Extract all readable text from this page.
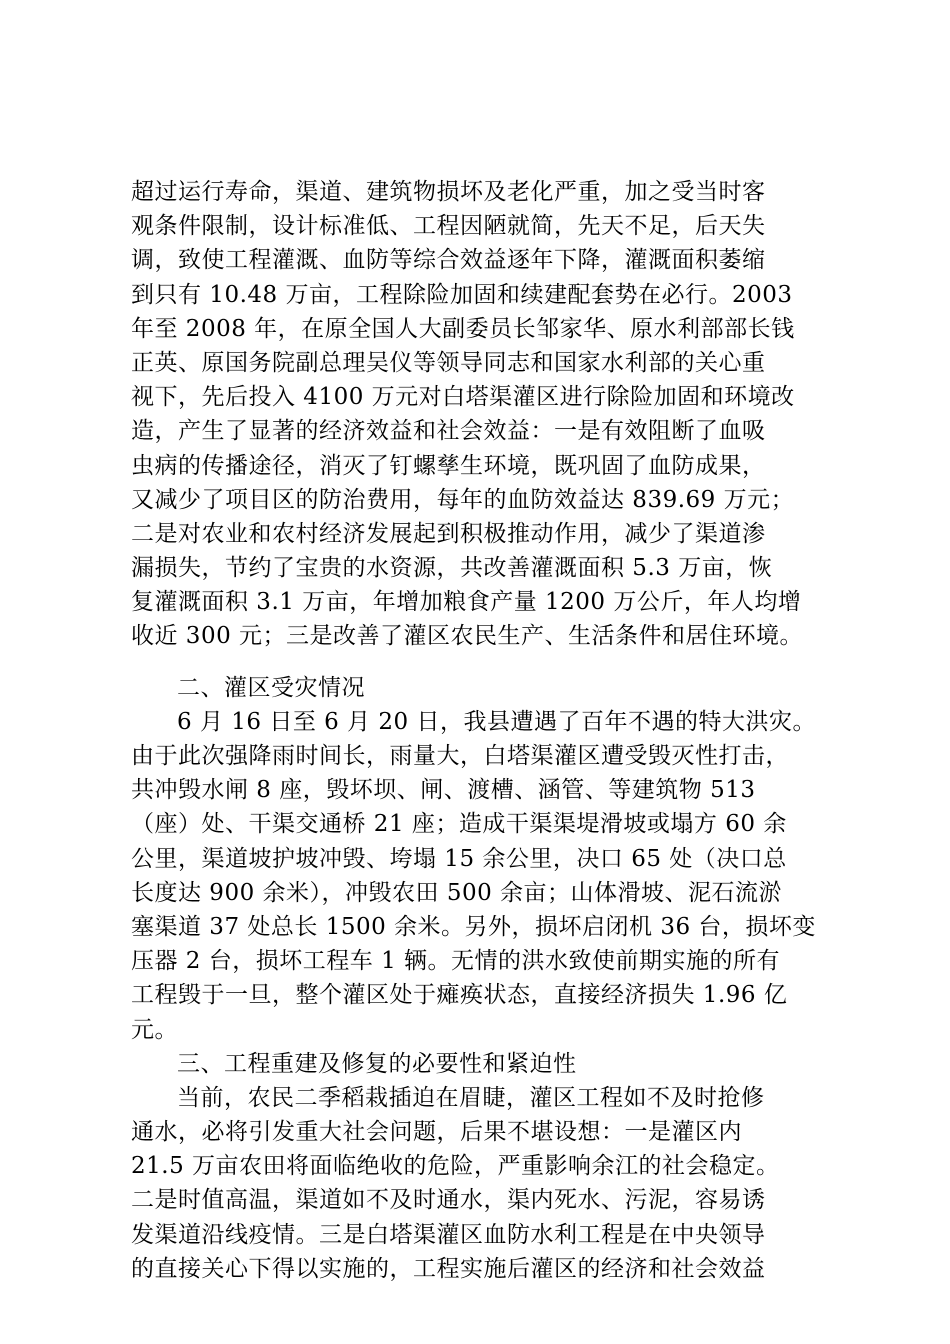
超过运行寿命，渠道、建筑物损坏及老化严重，加之受当时客
观条件限制，设计标准低、工程因陋就简，先天不足，后天失
调，致使工程灌溉、血防等综合效益逐年下降，灌溉面积萎缩
到只有 10.48 万亩，工程除险加固和续建配套势在必行。2003
年至 2008 年，在原全国人大副委员长邹家华、原水利部部长钱
正英、原国务院副总理吴仪等领导同志和国家水利部的关心重
视下，先后投入 4100 万元对白塔渠灌区进行除险加固和环境改
造，产生了显著的经济效益和社会效益：一是有效阻断了血吸
虫病的传播途径，消灭了钉螺孳生环境，既巩固了血防成果，
又减少了项目区的防治费用，每年的血防效益达 839.69 万元；
二是对农业和农村经济发展起到积极推动作用，减少了渠道渗
漏损失，节约了宝贵的水资源，共改善灌溉面积 5.3 万亩，恢
复灌溉面积 3.1 万亩，年增加粮食产量 1200 万公斤，年人均增
收近 300 元；三是改善了灌区农民生产、生活条件和居住环境。
二、灌区受灾情况
6 月 16 日至 6 月 20 日，我县遭遇了百年不遇的特大洪灾。
由于此次强降雨时间长，雨量大，白塔渠灌区遭受毁灭性打击，
共冲毁水闸 8 座，毁坏坝、闸、渡槽、涵管、等建筑物 513
（座）处、干渠交通桥 21 座；造成干渠渠堤滑坡或塌方 60 余
公里，渠道坡护坡冲毁、垮塌 15 余公里，决口 65 处（决口总
长度达 900 余米），冲毁农田 500 余亩；山体滑坡、泥石流淤
塞渠道 37 处总长 1500 余米。另外，损坏启闭机 36 台，损坏变
压器 2 台，损坏工程车 1 辆。无情的洪水致使前期实施的所有
工程毁于一旦，整个灌区处于瘫痪状态，直接经济损失 1.96 亿
元。
三、工程重建及修复的必要性和紧迫性
当前，农民二季稻栽插迫在眉睫，灌区工程如不及时抢修
通水，必将引发重大社会问题，后果不堪设想：一是灌区内
21.5 万亩农田将面临绝收的危险，严重影响余江的社会稳定。
二是时值高温，渠道如不及时通水，渠内死水、污泥，容易诱
发渠道沿线疫情。三是白塔渠灌区血防水利工程是在中央领导
的直接关心下得以实施的，工程实施后灌区的经济和社会效益
